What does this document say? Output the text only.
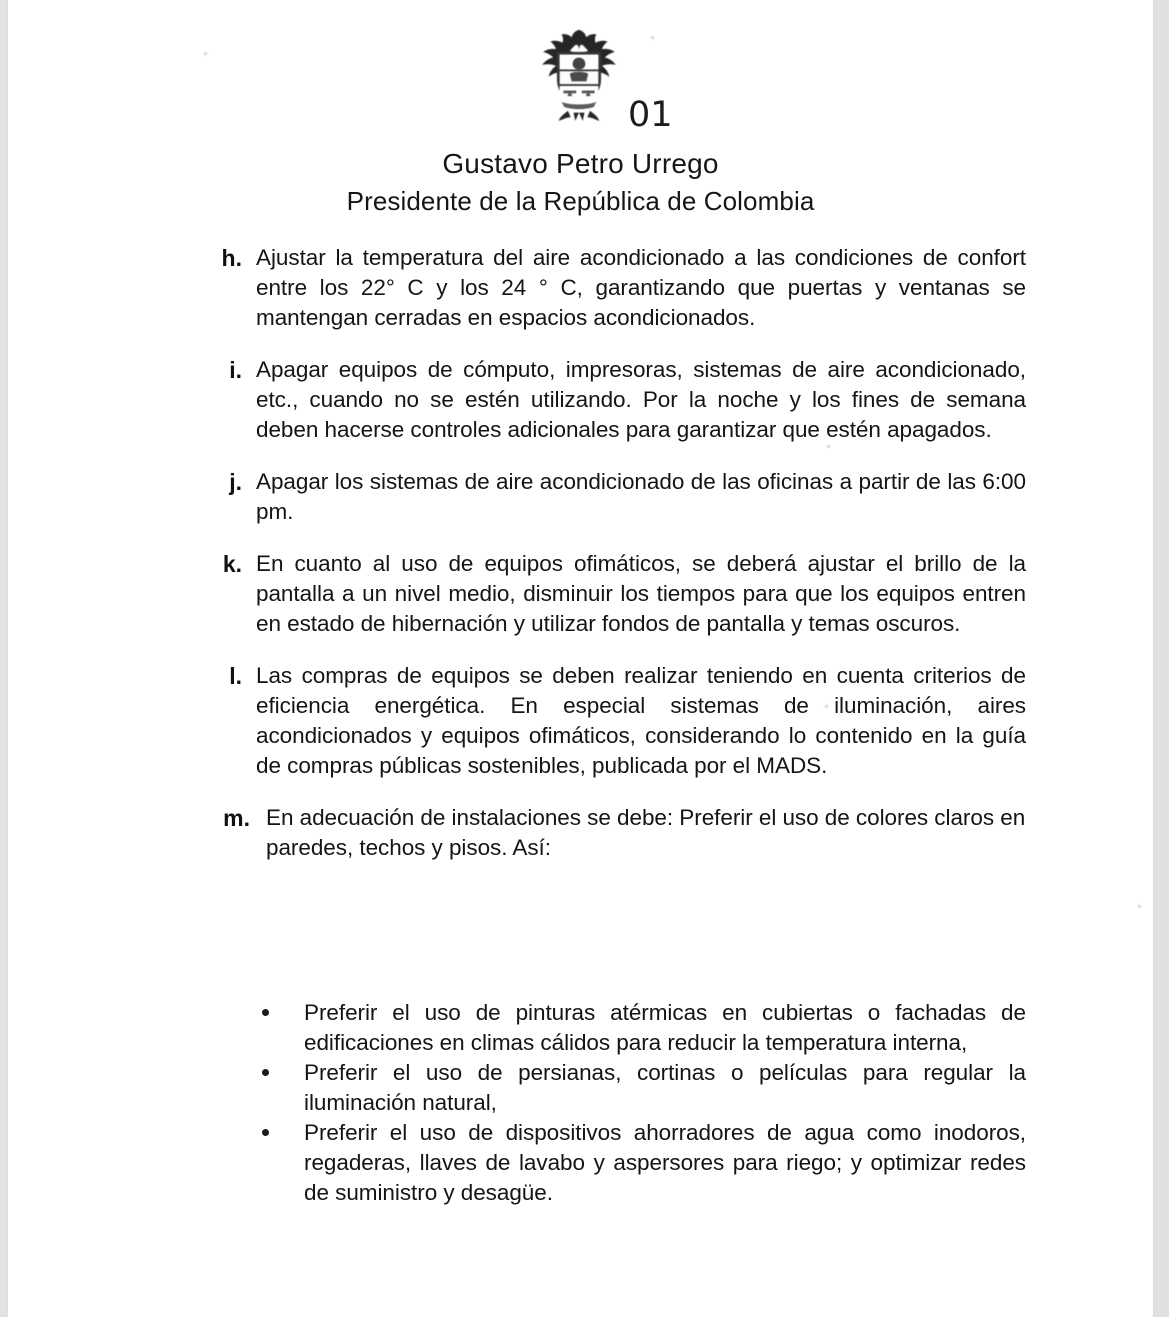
01
Gustavo Petro Urrego
Presidente de la República de Colombia
h. Ajustar la temperatura del aire acondicionado a las condiciones de confort entre los 22° C y los 24 ° C, garantizando que puertas y ventanas se mantengan cerradas en espacios acondicionados.
i. Apagar equipos de cómputo, impresoras, sistemas de aire acondicionado, etc., cuando no se estén utilizando. Por la noche y los fines de semana deben hacerse controles adicionales para garantizar que estén apagados.
j. Apagar los sistemas de aire acondicionado de las oficinas a partir de las 6:00 pm.
k. En cuanto al uso de equipos ofimáticos, se deberá ajustar el brillo de la pantalla a un nivel medio, disminuir los tiempos para que los equipos entren en estado de hibernación y utilizar fondos de pantalla y temas oscuros.
l. Las compras de equipos se deben realizar teniendo en cuenta criterios de eficiencia energética. En especial sistemas de iluminación, aires acondicionados y equipos ofimáticos, considerando lo contenido en la guía de compras públicas sostenibles, publicada por el MADS.
m. En adecuación de instalaciones se debe: Preferir el uso de colores claros en paredes, techos y pisos. Así:
Preferir el uso de pinturas atérmicas en cubiertas o fachadas de edificaciones en climas cálidos para reducir la temperatura interna,
Preferir el uso de persianas, cortinas o películas para regular la iluminación natural,
Preferir el uso de dispositivos ahorradores de agua como inodoros, regaderas, llaves de lavabo y aspersores para riego; y optimizar redes de suministro y desagüe.
